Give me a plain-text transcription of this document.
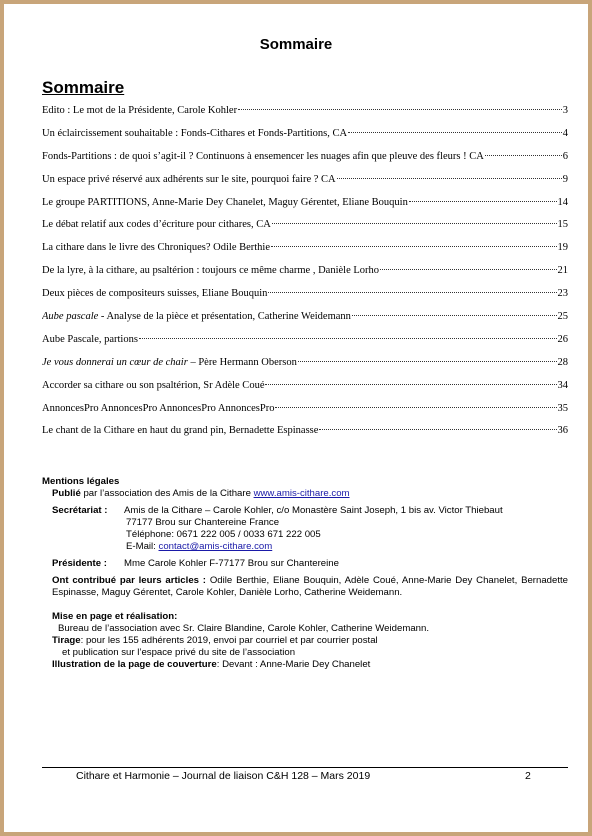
Sommaire
Sommaire
Edito : Le mot de la Présidente, Carole Kohler	3
Un éclaircissement souhaitable : Fonds-Cithares et Fonds-Partitions, CA	4
Fonds-Partitions : de quoi s’agit-il ? Continuons à ensemencer les nuages afin que pleuve des fleurs ! CA	6
Un espace privé réservé aux adhérents sur le site, pourquoi faire ? CA	9
Le groupe PARTITIONS, Anne-Marie Dey Chanelet, Maguy Gérentet, Eliane Bouquin	14
Le débat relatif aux codes d’écriture pour cithares, CA	15
La cithare dans le livre des Chroniques? Odile Berthie	19
De la lyre, à la cithare, au psaltérion : toujours ce même charme , Danièle Lorho	21
Deux pièces de compositeurs suisses, Eliane Bouquin	23
Aube pascale - Analyse de la pièce et présentation, Catherine Weidemann	25
Aube Pascale, partions	26
Je vous donnerai un cœur de chair – Père Hermann Oberson	28
Accorder sa cithare ou son psaltérion, Sr Adèle Coué	34
AnnoncesPro AnnoncesPro AnnoncesPro AnnoncesPro	35
Le chant de la Cithare en haut du grand pin, Bernadette Espinasse	36
Mentions légales
Publié par l’association des Amis de la Cithare www.amis-cithare.com
Secrétariat : Amis de la Cithare – Carole Kohler, c/o Monastère Saint Joseph, 1 bis av. Victor Thiebaut
77177 Brou sur Chantereine France
Téléphone: 0671 222 005 / 0033 671 222 005
E-Mail: contact@amis-cithare.com
Présidente :	Mme Carole Kohler F-77177 Brou sur Chantereine
Ont contribué par leurs articles : Odile Berthie, Eliane Bouquin, Adèle Coué, Anne-Marie Dey Chanelet, Bernadette Espinasse, Maguy Gérentet, Carole Kohler, Danièle Lorho, Catherine Weidemann.
Mise en page et réalisation:
Bureau de l’association avec Sr. Claire Blandine, Carole Kohler, Catherine Weidemann.
Tirage: pour les 155 adhérents 2019, envoi par courriel et par courrier postal
et publication sur l’espace privé du site de l’association
Illustration de la page de couverture: Devant : Anne-Marie Dey Chanelet
Cithare et Harmonie – Journal de liaison C&H 128 – Mars 2019	2
